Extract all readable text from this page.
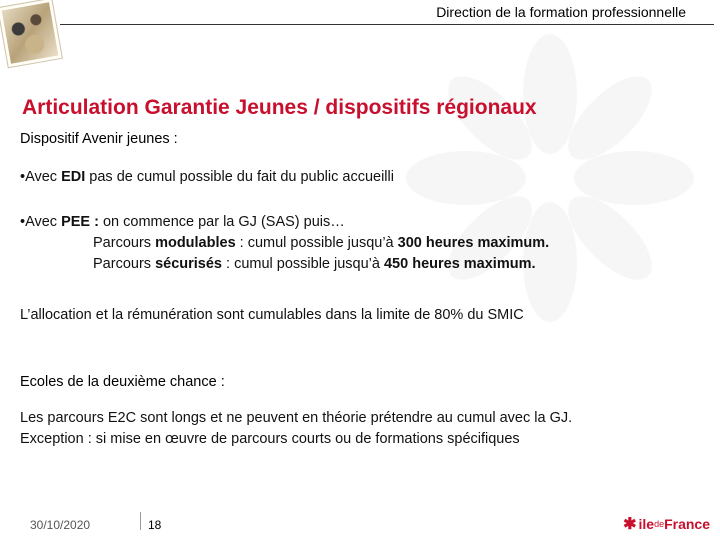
Direction de la formation professionnelle
Articulation Garantie Jeunes / dispositifs régionaux
Dispositif Avenir jeunes :
•Avec EDI pas de cumul possible du fait du public accueilli
•Avec PEE : on commence par la GJ (SAS) puis…
Parcours modulables : cumul possible jusqu’à 300 heures maximum.
Parcours sécurisés : cumul possible jusqu’à 450 heures maximum.
L’allocation et la rémunération sont cumulables dans la limite de 80% du SMIC
Ecoles de la deuxième chance :
Les parcours E2C sont longs et ne peuvent en théorie prétendre au cumul avec la GJ.
Exception : si mise en œuvre de parcours courts ou de formations spécifiques
30/10/2020	18	✱ ile de France
